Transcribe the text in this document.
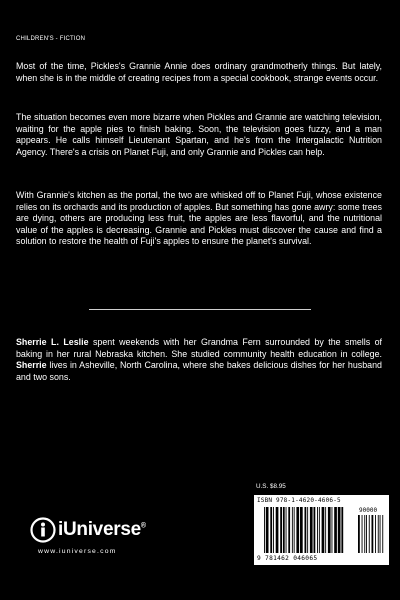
CHILDREN'S - FICTION

Most of the time, Pickles's Grannie Annie does ordinary grandmotherly things. But lately, when she is in the middle of creating recipes from a special cookbook, strange events occur.

The situation becomes even more bizarre when Pickles and Grannie are watching television, waiting for the apple pies to finish baking. Soon, the television goes fuzzy, and a man appears. He calls himself Lieutenant Spartan, and he's from the Intergalactic Nutrition Agency. There's a crisis on Planet Fuji, and only Grannie and Pickles can help.

With Grannie's kitchen as the portal, the two are whisked off to Planet Fuji, whose existence relies on its orchards and its production of apples. But something has gone awry: some trees are dying, others are producing less fruit, the apples are less flavorful, and the nutritional value of the apples is decreasing. Grannie and Pickles must discover the cause and find a solution to restore the health of Fuji's apples to ensure the planet's survival.

Sherrie L. Leslie spent weekends with her Grandma Fern surrounded by the smells of baking in her rural Nebraska kitchen. She studied community health education in college. Sherrie lives in Asheville, North Carolina, where she bakes delicious dishes for her husband and two sons.

iUniverse®
www.iuniverse.com
U.S. $8.95
ISBN 978-1-4620-4606-5
90000
9 781462 046065
